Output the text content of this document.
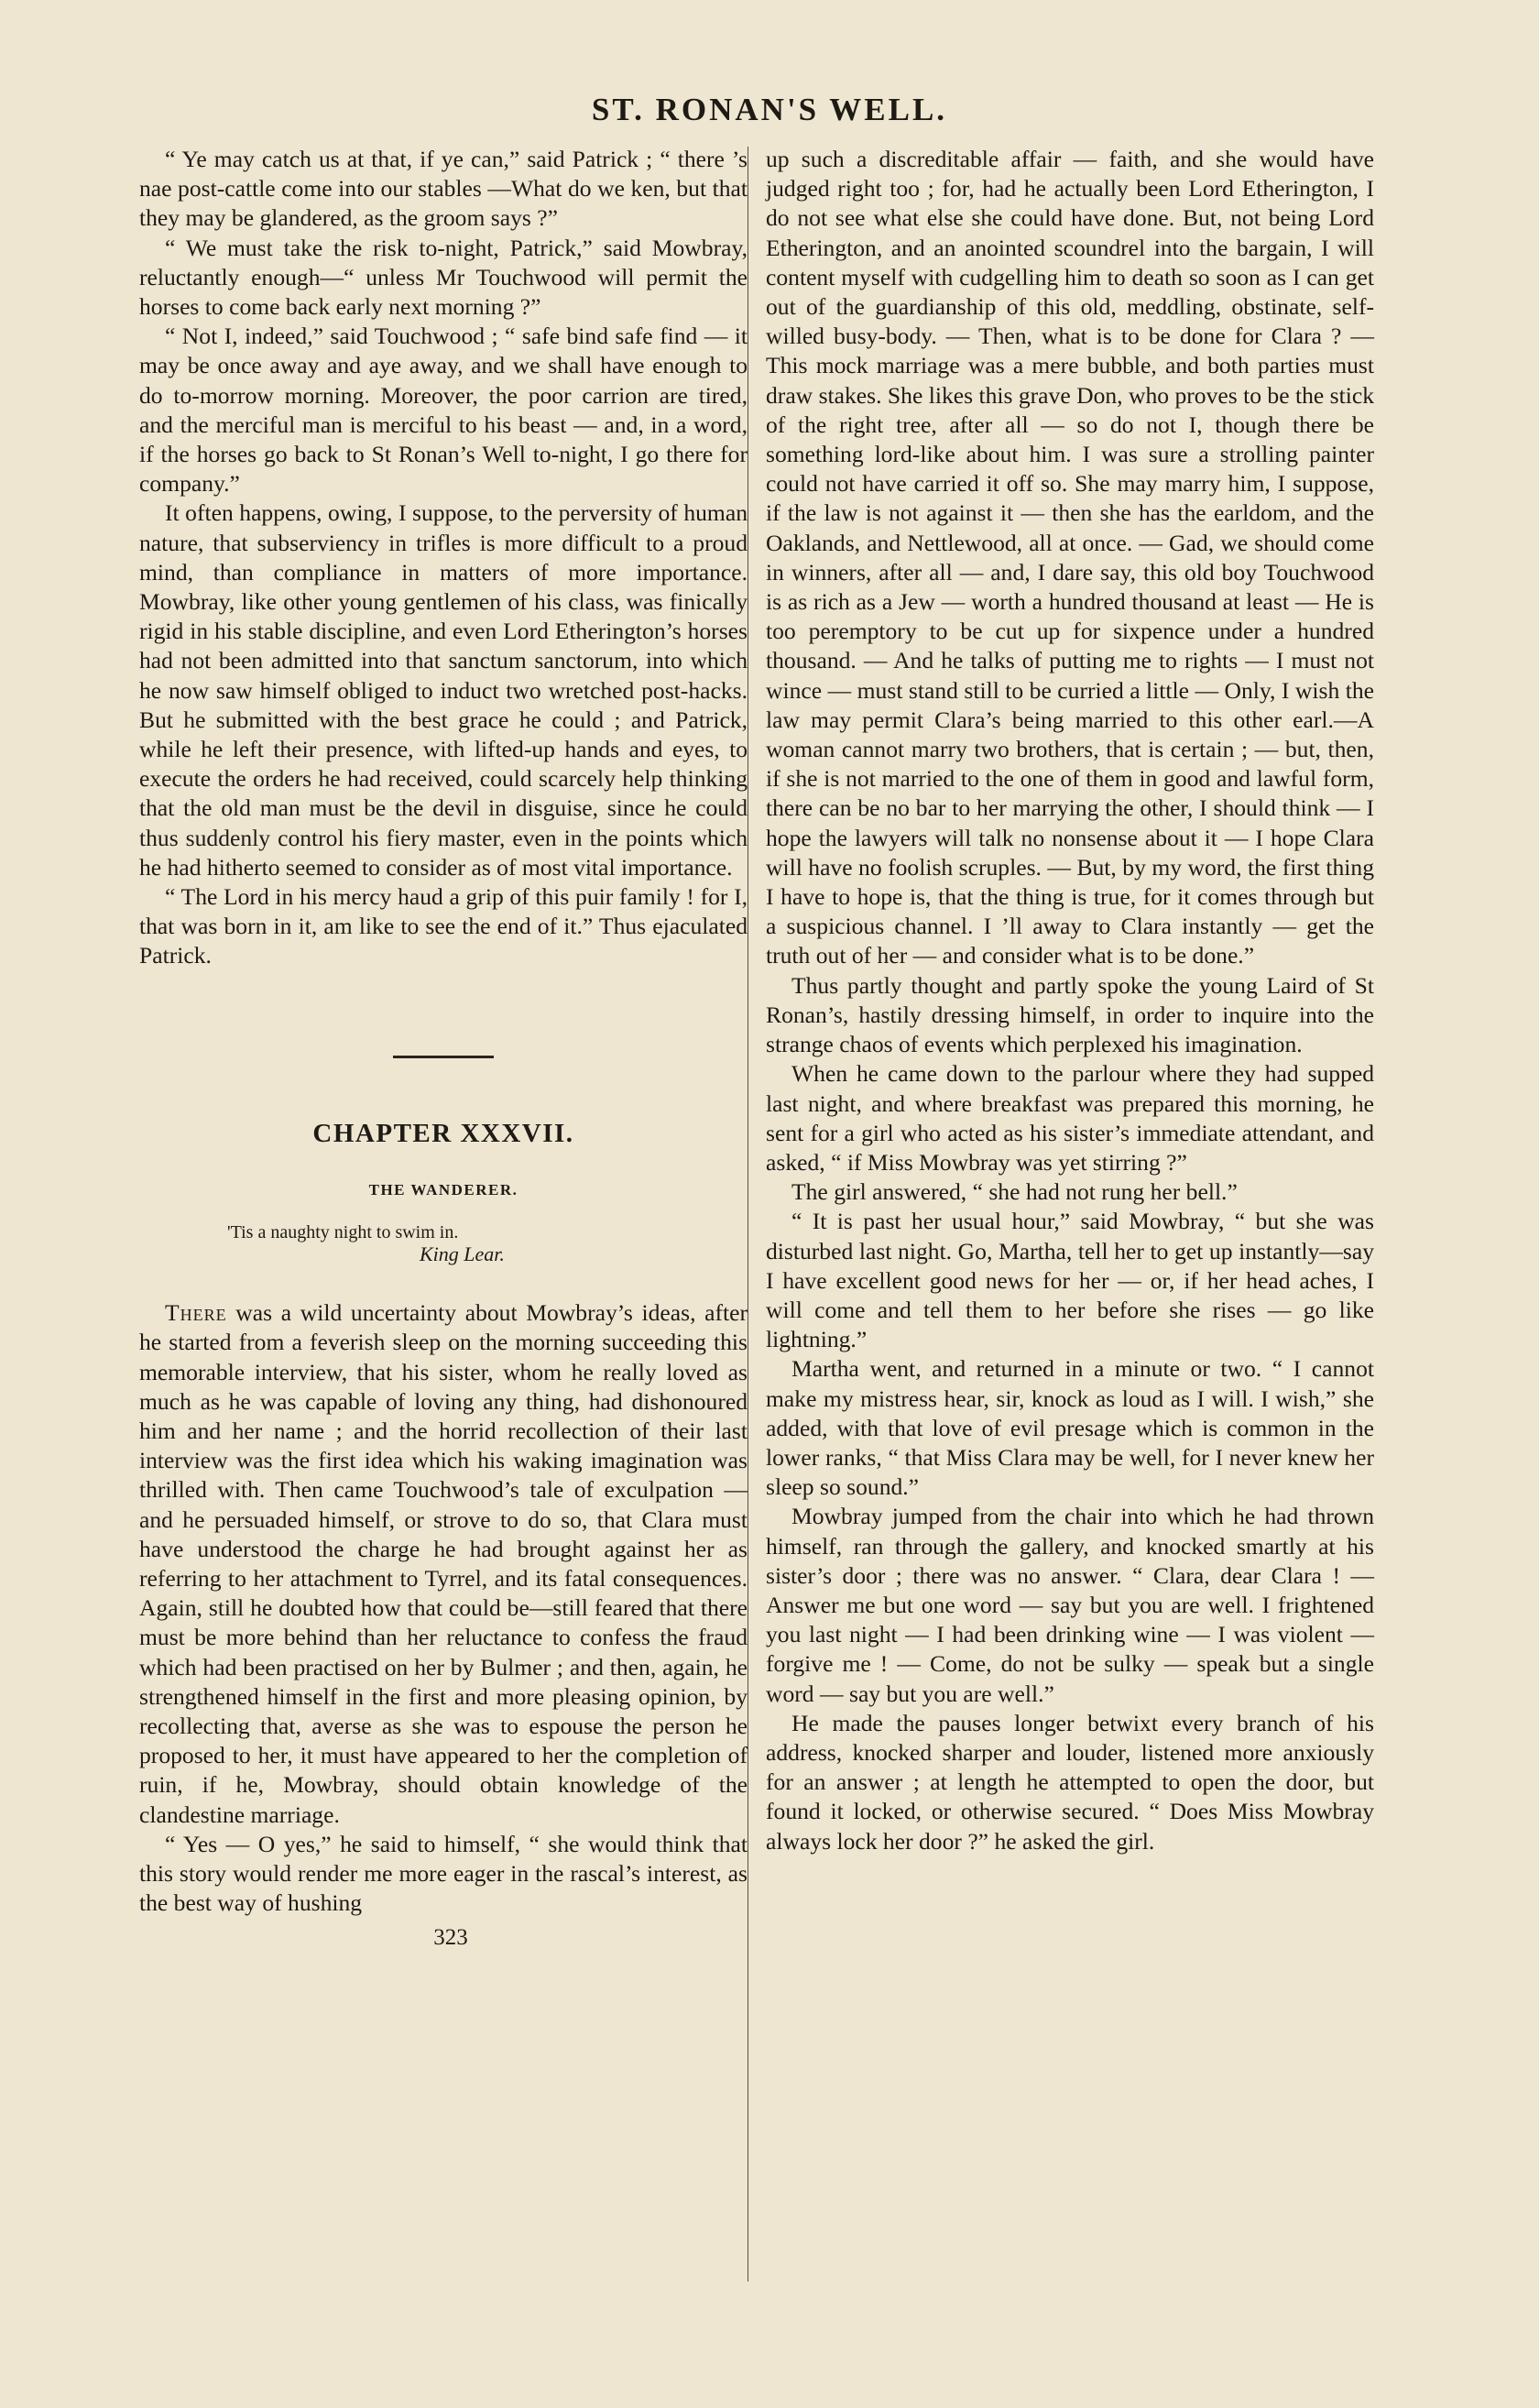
ST. RONAN'S WELL.

“ Ye may catch us at that, if ye can,” said Patrick ; “ there ’s nae post-cattle come into our stables —What do we ken, but that they may be glandered, as the groom says ?”

“ We must take the risk to-night, Patrick,” said Mowbray, reluctantly enough—“ unless Mr Touchwood will permit the horses to come back early next morning ?”

“ Not I, indeed,” said Touchwood ; “ safe bind safe find — it may be once away and aye away, and we shall have enough to do to-morrow morning. Moreover, the poor carrion are tired, and the merciful man is merciful to his beast — and, in a word, if the horses go back to St Ronan’s Well to-night, I go there for company.”

It often happens, owing, I suppose, to the perversity of human nature, that subserviency in trifles is more difficult to a proud mind, than compliance in matters of more importance. Mowbray, like other young gentlemen of his class, was finically rigid in his stable discipline, and even Lord Etherington’s horses had not been admitted into that sanctum sanctorum, into which he now saw himself obliged to induct two wretched post-hacks. But he submitted with the best grace he could ; and Patrick, while he left their presence, with lifted-up hands and eyes, to execute the orders he had received, could scarcely help thinking that the old man must be the devil in disguise, since he could thus suddenly control his fiery master, even in the points which he had hitherto seemed to consider as of most vital importance.

“ The Lord in his mercy haud a grip of this puir family ! for I, that was born in it, am like to see the end of it.” Thus ejaculated Patrick.

CHAPTER XXXVII.
THE WANDERER.
'Tis a naughty night to swim in.
King Lear.

There was a wild uncertainty about Mowbray’s ideas, after he started from a feverish sleep on the morning succeeding this memorable interview, that his sister, whom he really loved as much as he was capable of loving any thing, had dishonoured him and her name ; and the horrid recollection of their last interview was the first idea which his waking imagination was thrilled with. Then came Touchwood’s tale of exculpation — and he persuaded himself, or strove to do so, that Clara must have understood the charge he had brought against her as referring to her attachment to Tyrrel, and its fatal consequences. Again, still he doubted how that could be—still feared that there must be more behind than her reluctance to confess the fraud which had been practised on her by Bulmer ; and then, again, he strengthened himself in the first and more pleasing opinion, by recollecting that, averse as she was to espouse the person he proposed to her, it must have appeared to her the completion of ruin, if he, Mowbray, should obtain knowledge of the clandestine marriage.

“ Yes — O yes,” he said to himself, “ she would think that this story would render me more eager in the rascal’s interest, as the best way of hushing

323

up such a discreditable affair — faith, and she would have judged right too ; for, had he actually been Lord Etherington, I do not see what else she could have done. But, not being Lord Etherington, and an anointed scoundrel into the bargain, I will content myself with cudgelling him to death so soon as I can get out of the guardianship of this old, meddling, obstinate, self-willed busy-body. — Then, what is to be done for Clara ? — This mock marriage was a mere bubble, and both parties must draw stakes. She likes this grave Don, who proves to be the stick of the right tree, after all — so do not I, though there be something lord-like about him. I was sure a strolling painter could not have carried it off so. She may marry him, I suppose, if the law is not against it — then she has the earldom, and the Oaklands, and Nettlewood, all at once. — Gad, we should come in winners, after all — and, I dare say, this old boy Touchwood is as rich as a Jew — worth a hundred thousand at least — He is too peremptory to be cut up for sixpence under a hundred thousand. — And he talks of putting me to rights — I must not wince — must stand still to be curried a little — Only, I wish the law may permit Clara’s being married to this other earl.—A woman cannot marry two brothers, that is certain ; — but, then, if she is not married to the one of them in good and lawful form, there can be no bar to her marrying the other, I should think — I hope the lawyers will talk no nonsense about it — I hope Clara will have no foolish scruples. — But, by my word, the first thing I have to hope is, that the thing is true, for it comes through but a suspicious channel. I ’ll away to Clara instantly — get the truth out of her — and consider what is to be done.”

Thus partly thought and partly spoke the young Laird of St Ronan’s, hastily dressing himself, in order to inquire into the strange chaos of events which perplexed his imagination.

When he came down to the parlour where they had supped last night, and where breakfast was prepared this morning, he sent for a girl who acted as his sister’s immediate attendant, and asked, “ if Miss Mowbray was yet stirring ?”

The girl answered, “ she had not rung her bell.”

“ It is past her usual hour,” said Mowbray, “ but she was disturbed last night. Go, Martha, tell her to get up instantly—say I have excellent good news for her — or, if her head aches, I will come and tell them to her before she rises — go like lightning.”

Martha went, and returned in a minute or two. “ I cannot make my mistress hear, sir, knock as loud as I will. I wish,” she added, with that love of evil presage which is common in the lower ranks, “ that Miss Clara may be well, for I never knew her sleep so sound.”

Mowbray jumped from the chair into which he had thrown himself, ran through the gallery, and knocked smartly at his sister’s door ; there was no answer. “ Clara, dear Clara ! — Answer me but one word — say but you are well. I frightened you last night — I had been drinking wine — I was violent — forgive me ! — Come, do not be sulky — speak but a single word — say but you are well.”

He made the pauses longer betwixt every branch of his address, knocked sharper and louder, listened more anxiously for an answer ; at length he attempted to open the door, but found it locked, or otherwise secured. “ Does Miss Mowbray always lock her door ?” he asked the girl.
